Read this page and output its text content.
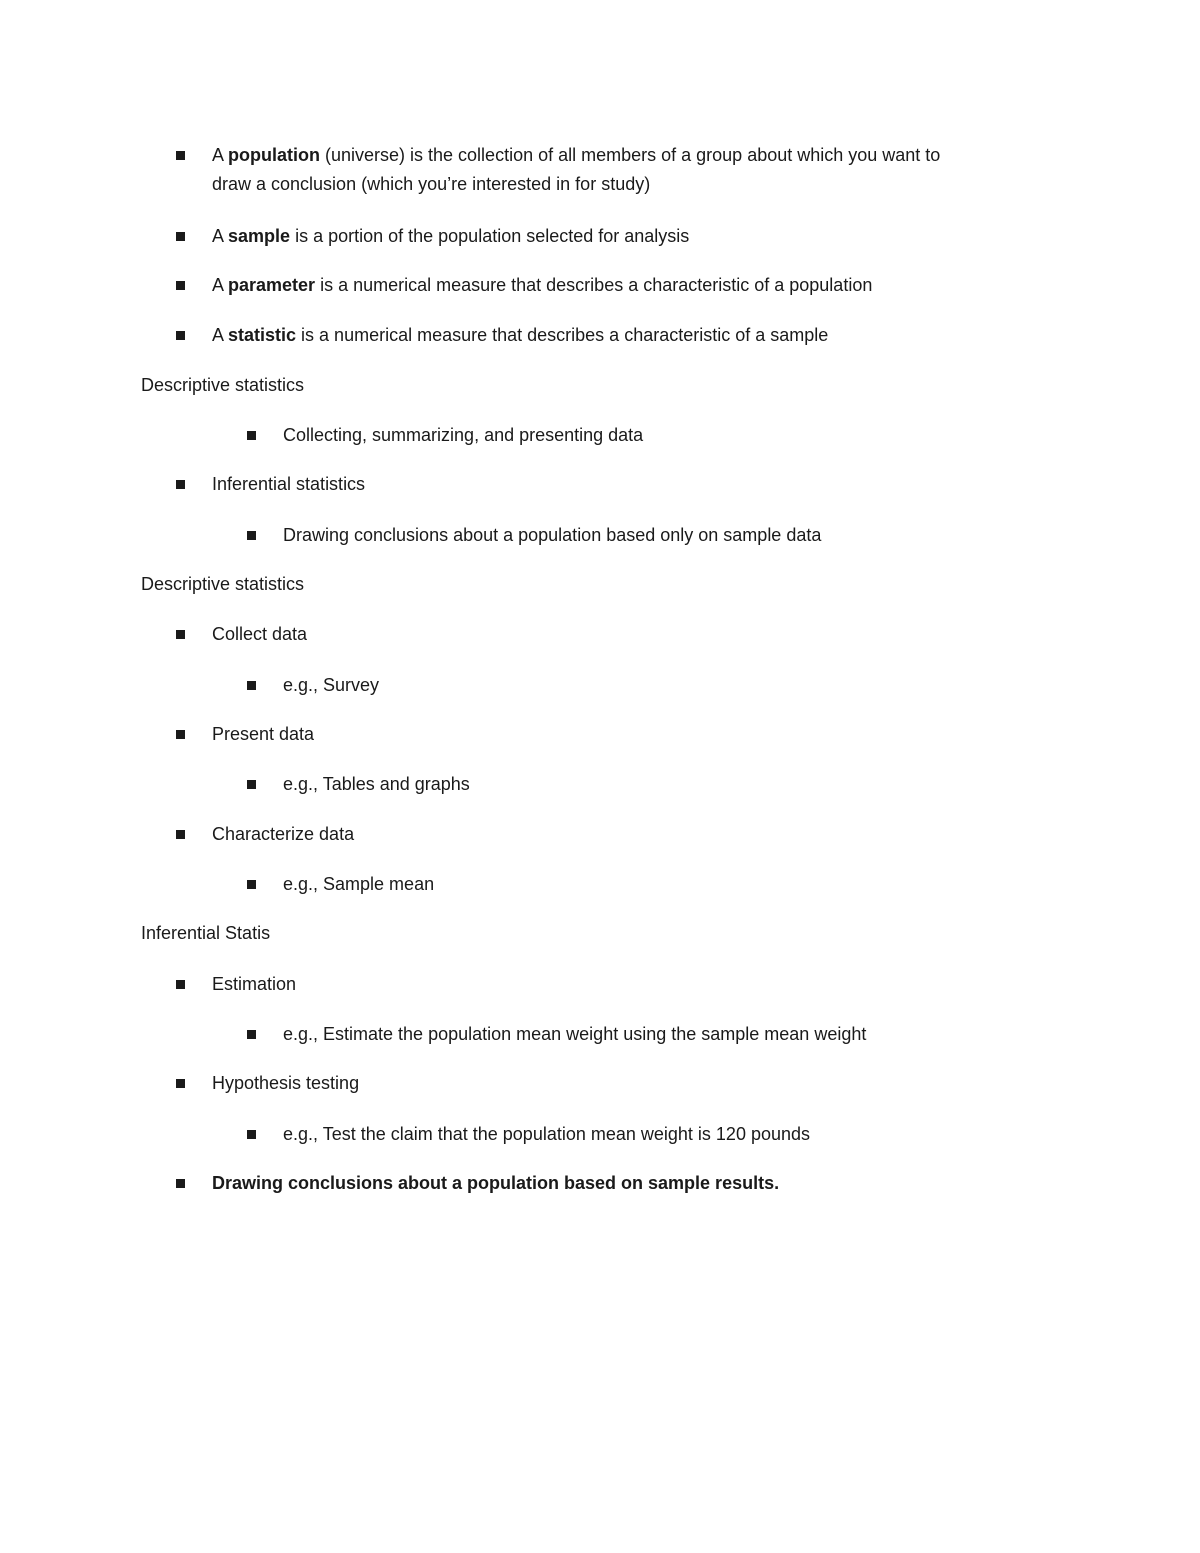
A population (universe) is the collection of all members of a group about which you want to
draw a conclusion (which you’re interested in for study)
A sample is a portion of the population selected for analysis
A parameter is a numerical measure that describes a characteristic of a population
A statistic is a numerical measure that describes a characteristic of a sample
Descriptive statistics
Collecting, summarizing, and presenting data
Inferential statistics
Drawing conclusions about a population based only on sample data
Descriptive statistics
Collect data
e.g., Survey
Present data
e.g., Tables and graphs
Characterize data
e.g., Sample mean
Inferential Statis
Estimation
e.g., Estimate the population mean weight using the sample mean weight
Hypothesis testing
e.g., Test the claim that the population mean weight is 120 pounds
Drawing conclusions about a population based on sample results.
